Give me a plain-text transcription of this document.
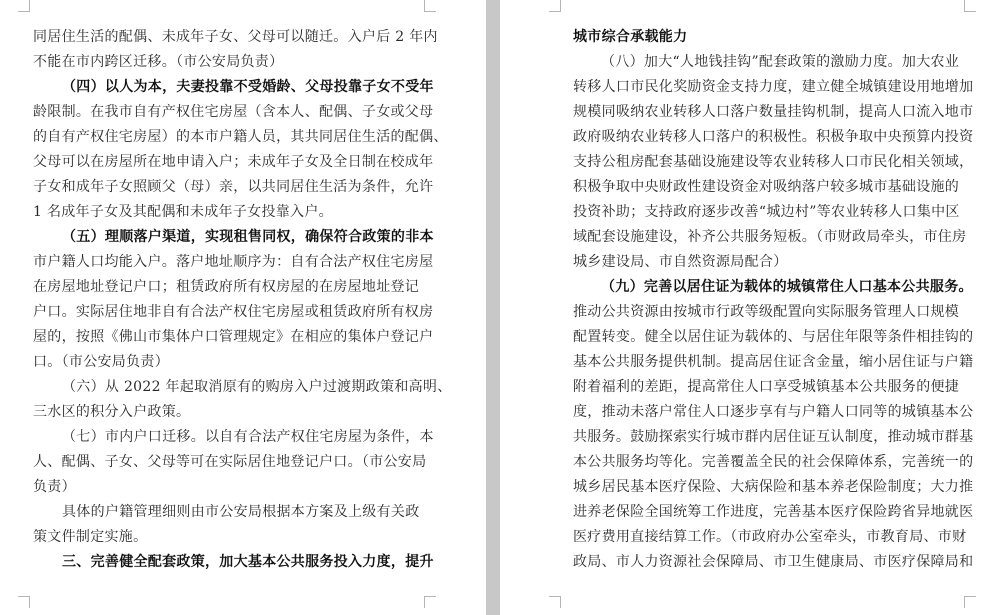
同居住生活的配偶、未成年子女、父母可以随迁。入户后 2 年内
不能在市内跨区迁移。（市公安局负责）
（四）以人为本，夫妻投靠不受婚龄、父母投靠子女不受年
龄限制。在我市自有产权住宅房屋（含本人、配偶、子女或父母
的自有产权住宅房屋）的本市户籍人员，其共同居住生活的配偶、
父母可以在房屋所在地申请入户；未成年子女及全日制在校成年
子女和成年子女照顾父（母）亲，以共同居住生活为条件，允许
1 名成年子女及其配偶和未成年子女投靠入户。
（五）理顺落户渠道，实现租售同权，确保符合政策的非本
市户籍人口均能入户。落户地址顺序为：自有合法产权住宅房屋
在房屋地址登记户口；租赁政府所有权房屋的在房屋地址登记
户口。实际居住地非自有合法产权住宅房屋或租赁政府所有权房
屋的，按照《佛山市集体户口管理规定》在相应的集体户登记户
口。（市公安局负责）
（六）从 2022 年起取消原有的购房入户过渡期政策和高明、
三水区的积分入户政策。
（七）市内户口迁移。以自有合法产权住宅房屋为条件，本
人、配偶、子女、父母等可在实际居住地登记户口。（市公安局
负责）
具体的户籍管理细则由市公安局根据本方案及上级有关政
策文件制定实施。
三、完善健全配套政策，加大基本公共服务投入力度，提升
城市综合承载能力
（八）加大“人地钱挂钩”配套政策的激励力度。加大农业
转移人口市民化奖励资金支持力度，建立健全城镇建设用地增加
规模同吸纳农业转移人口落户数量挂钩机制，提高人口流入地市
政府吸纳农业转移人口落户的积极性。积极争取中央预算内投资
支持公租房配套基础设施建设等农业转移人口市民化相关领域，
积极争取中央财政性建设资金对吸纳落户较多城市基础设施的
投资补助；支持政府逐步改善“城边村”等农业转移人口集中区
域配套设施建设，补齐公共服务短板。（市财政局牵头，市住房
城乡建设局、市自然资源局配合）
（九）完善以居住证为载体的城镇常住人口基本公共服务。
推动公共资源由按城市行政等级配置向实际服务管理人口规模
配置转变。健全以居住证为载体的、与居住年限等条件相挂钩的
基本公共服务提供机制。提高居住证含金量，缩小居住证与户籍
附着福利的差距，提高常住人口享受城镇基本公共服务的便捷
度，推动未落户常住人口逐步享有与户籍人口同等的城镇基本公
共服务。鼓励探索实行城市群内居住证互认制度，推动城市群基
本公共服务均等化。完善覆盖全民的社会保障体系，完善统一的
城乡居民基本医疗保险、大病保险和基本养老保险制度；大力推
进养老保险全国统筹工作进度，完善基本医疗保险跨省异地就医
医疗费用直接结算工作。（市政府办公室牵头，市教育局、市财
政局、市人力资源社会保障局、市卫生健康局、市医疗保障局和
